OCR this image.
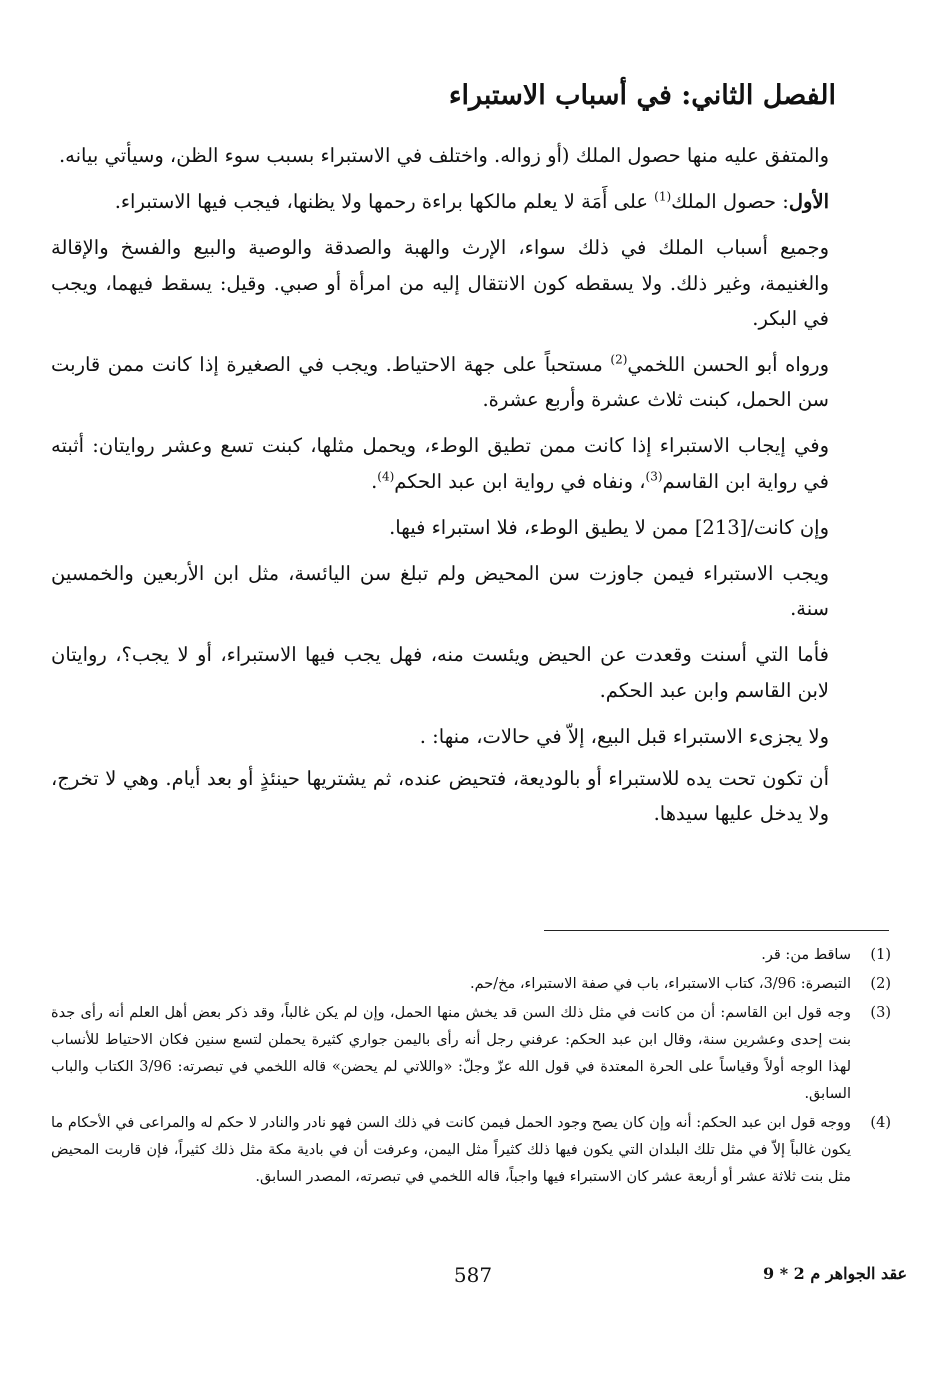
الفصل الثاني: في أسباب الاستبراء

والمتفق عليه منها حصول الملك (أو زواله. واختلف في الاستبراء بسبب سوء الظن، وسيأتي بيانه.

الأول: حصول الملك$^{(1)}$ على أَمَة لا يعلم مالكها براءة رحمها ولا يظنها، فيجب فيها الاستبراء.

وجميع أسباب الملك في ذلك سواء، الإرث والهبة والصدقة والوصية والبيع والفسخ والإقالة والغنيمة، وغير ذلك. ولا يسقطه كون الانتقال إليه من امرأة أو صبي. وقيل: يسقط فيهما، ويجب في البكر.

ورواه أبو الحسن اللخمي$^{(2)}$ مستحباً على جهة الاحتياط. ويجب في الصغيرة إذا كانت ممن قاربت سن الحمل، كبنت ثلاث عشرة وأربع عشرة.

وفي إيجاب الاستبراء إذا كانت ممن تطيق الوطء، ويحمل مثلها، كبنت تسع وعشر روايتان: أثبته في رواية ابن القاسم$^{(3)}$، ونفاه في رواية ابن عبد الحكم$^{(4)}$.

وإن كانت/[213] ممن لا يطيق الوطء، فلا استبراء فيها.

ويجب الاستبراء فيمن جاوزت سن المحيض ولم تبلغ سن اليائسة، مثل ابن الأربعين والخمسين سنة.

فأما التي أسنت وقعدت عن الحيض ويئست منه، فهل يجب فيها الاستبراء، أو لا يجب؟، روايتان لابن القاسم وابن عبد الحكم.

ولا يجزىء الاستبراء قبل البيع، إلاّ في حالات، منها: .

أن تكون تحت يده للاستبراء أو بالوديعة، فتحيض عنده، ثم يشتريها حينئذٍ أو بعد أيام. وهي لا تخرج، ولا يدخل عليها سيدها.

(1)
ساقط من: قر.
(2)
التبصرة: 3/96، كتاب الاستبراء، باب في صفة الاستبراء، مخ/حم.
(3)
وجه قول ابن القاسم: أن من كانت في مثل ذلك السن قد يخش منها الحمل، وإن لم يكن غالباً، وقد ذكر بعض أهل العلم أنه رأى جدة بنت إحدى وعشرين سنة، وقال ابن عبد الحكم: عرفني رجل أنه رأى باليمن جواري كثيرة يحملن لتسع سنين فكان الاحتياط للأنساب لهذا الوجه أولاً وقياساً على الحرة المعتدة في قول الله عزّ وجلّ: «واللاتي لم يحضن» قاله اللخمي في تبصرته: 3/96 الكتاب والباب السابق.
(4)
ووجه قول ابن عبد الحكم: أنه وإن كان يصح وجود الحمل فيمن كانت في ذلك السن فهو نادر والنادر لا حكم له والمراعى في الأحكام ما يكون غالباً إلاّ في مثل تلك البلدان التي يكون فيها ذلك كثيراً مثل اليمن، وعرفت أن في بادية مكة مثل ذلك كثيراً، فإن قاربت المحيض مثل بنت ثلاثة عشر أو أربعة عشر كان الاستبراء فيها واجباً، قاله اللخمي في تبصرته، المصدر السابق.
587	عقد الجواهر م 2 * 9
